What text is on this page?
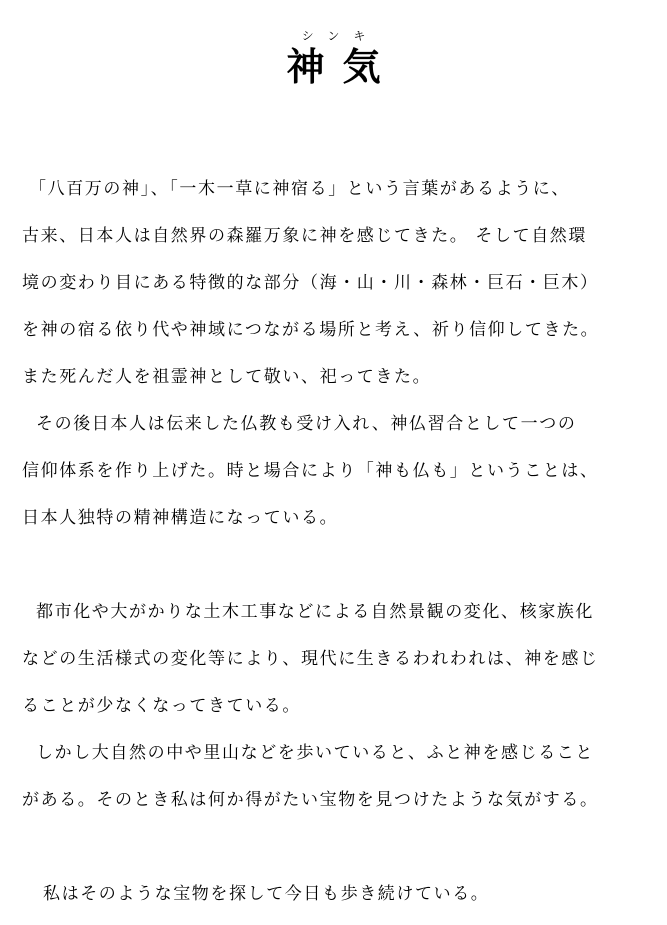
シンキ
神気
「八百万の神」、「一木一草に神宿る」という言葉があるように、
古来、日本人は自然界の森羅万象に神を感じてきた。 そして自然環
境の変わり目にある特徴的な部分（海・山・川・森林・巨石・巨木）
を神の宿る依り代や神域につながる場所と考え、祈り信仰してきた。
また死んだ人を祖霊神として敬い、祀ってきた。
その後日本人は伝来した仏教も受け入れ、神仏習合として一つの
信仰体系を作り上げた。時と場合により「神も仏も」ということは、
日本人独特の精神構造になっている。
都市化や大がかりな土木工事などによる自然景観の変化、核家族化
などの生活様式の変化等により、現代に生きるわれわれは、神を感じ
ることが少なくなってきている。
しかし大自然の中や里山などを歩いていると、ふと神を感じること
がある。そのとき私は何か得がたい宝物を見つけたような気がする。
私はそのような宝物を探して今日も歩き続けている。
